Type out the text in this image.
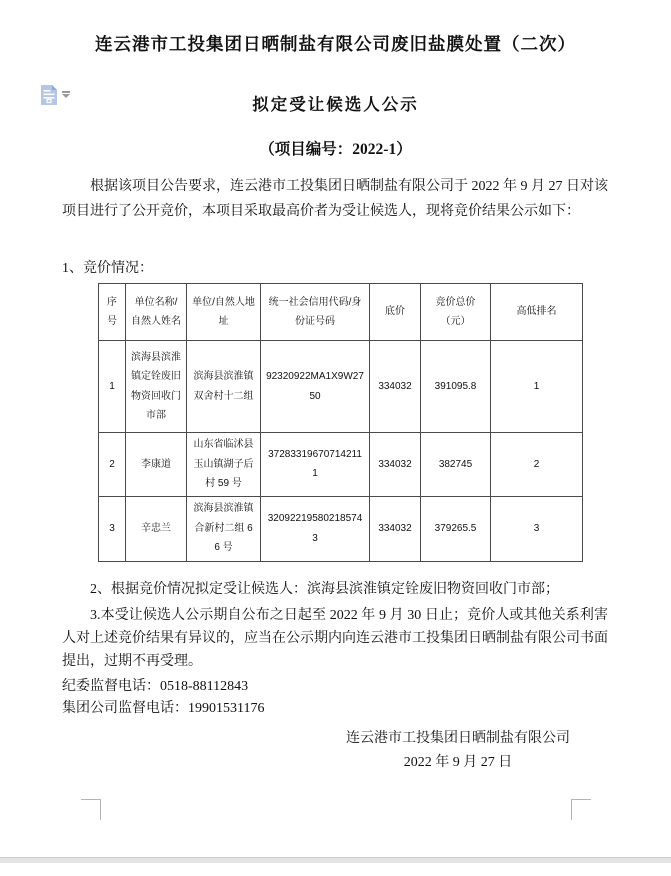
连云港市工投集团日晒制盐有限公司废旧盐膜处置（二次）
拟定受让候选人公示
（项目编号：2022-1）
根据该项目公告要求，连云港市工投集团日晒制盐有限公司于 2022 年 9 月 27 日对该项目进行了公开竞价，本项目采取最高价者为受让候选人，现将竞价结果公示如下：
1、竞价情况：
序号	单位名称/自然人姓名	单位/自然人地址	统一社会信用代码/身份证号码	底价	竞价总价（元）	高低排名
1	滨海县滨淮镇定铨废旧物资回收门市部	滨海县滨淮镇双舍村十二组	92320922MA1X9W2750	334032	391095.8	1
2	李康道	山东省临沭县玉山镇湖子后村 59 号	372833196707142111	334032	382745	2
3	辛忠兰	滨海县滨淮镇合新村二组 66 号	320922195802185743	334032	379265.5	3
2、根据竞价情况拟定受让候选人：滨海县滨淮镇定铨废旧物资回收门市部；
3.本受让候选人公示期自公布之日起至 2022 年 9 月 30 日止；竞价人或其他关系利害人对上述竞价结果有异议的，应当在公示期内向连云港市工投集团日晒制盐有限公司书面提出，过期不再受理。
纪委监督电话：0518-88112843
集团公司监督电话：19901531176
连云港市工投集团日晒制盐有限公司
2022 年 9 月 27 日
